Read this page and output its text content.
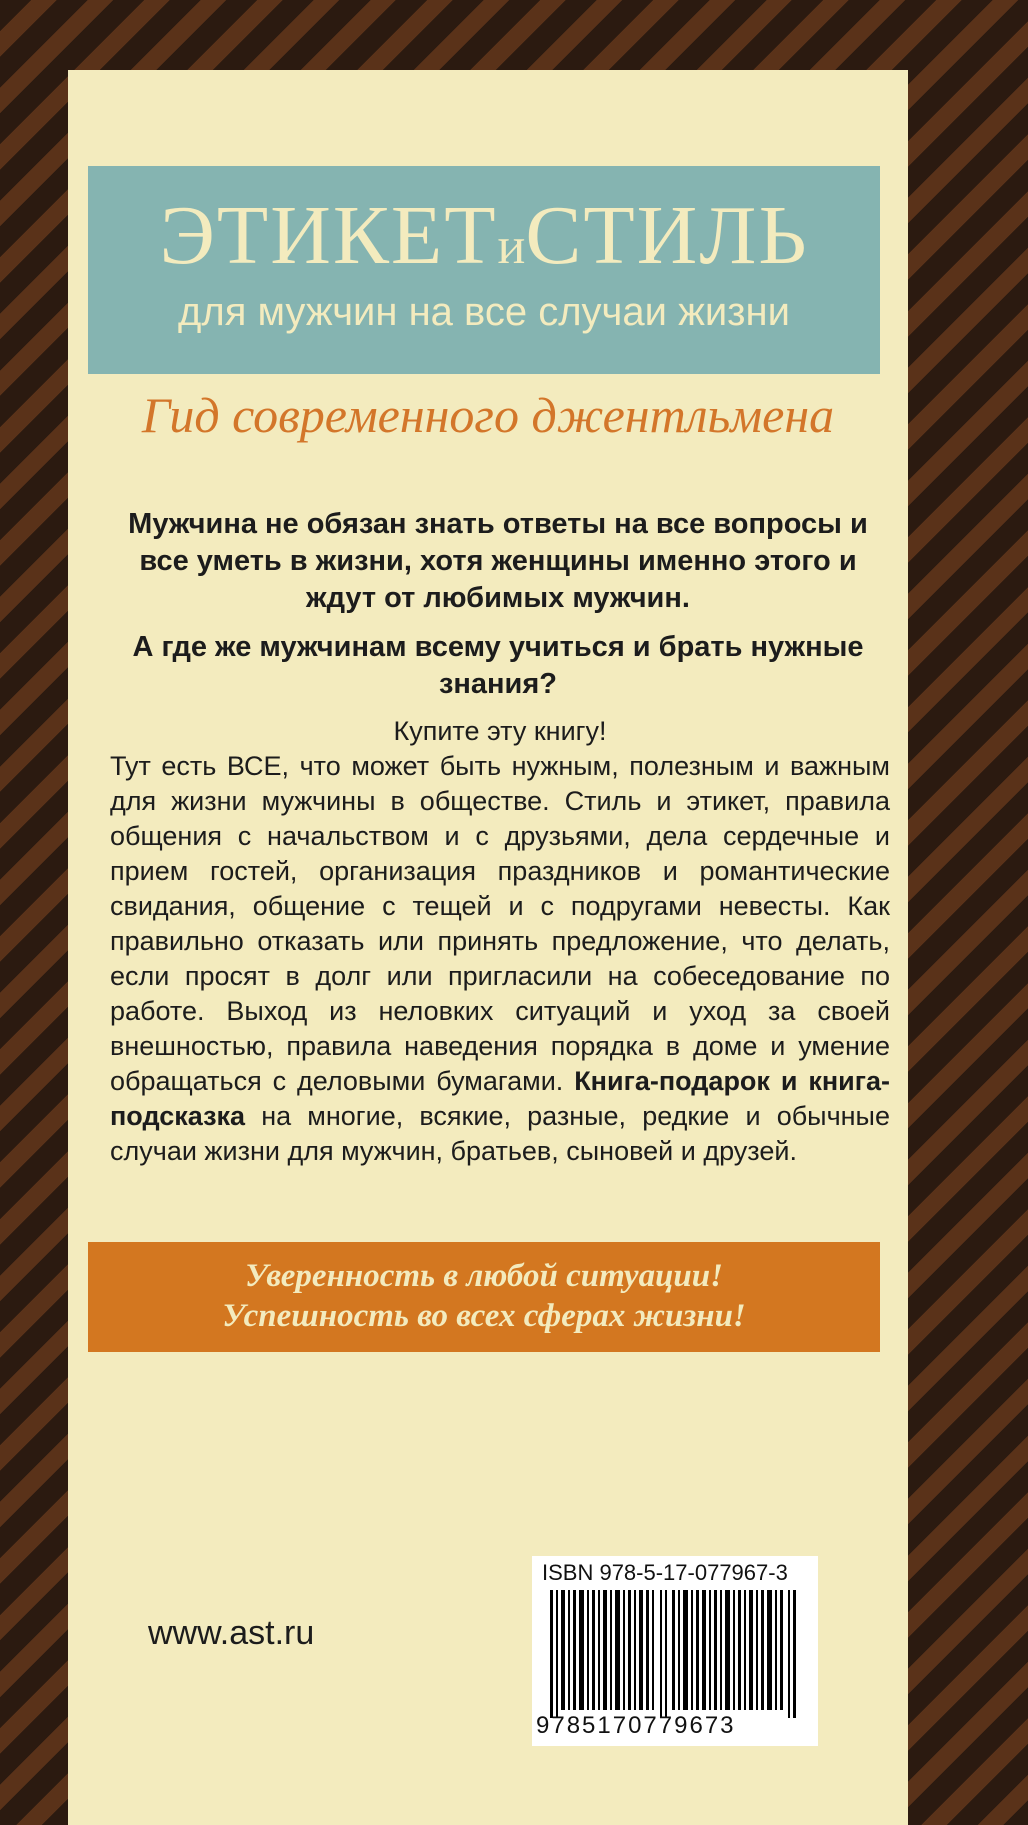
ЭТИКЕТиСТИЛЬ
для мужчин на все случаи жизни
Гид современного джентльмена

Мужчина не обязан знать ответы на все вопросы и все уметь в жизни, хотя женщины именно этого и ждут от любимых мужчин.

А где же мужчинам всему учиться и брать нужные знания?

Купите эту книгу!
Тут есть ВСЕ, что может быть нужным, полезным и важным для жизни мужчины в обществе. Стиль и этикет, правила общения с начальством и с друзьями, дела сердечные и прием гостей, организация праздников и романтические свидания, общение с тещей и с подругами невесты. Как правильно отказать или принять предложение, что делать, если просят в долг или пригласили на собеседование по работе. Выход из неловких ситуаций и уход за своей внешностью, правила наведения порядка в доме и умение обращаться с деловыми бумагами. Книга-подарок и книга-подсказка на многие, всякие, разные, редкие и обычные случаи жизни для мужчин, братьев, сыновей и друзей.
Уверенность в любой ситуации!
Успешность во всех сферах жизни!
www.ast.ru
ISBN 978-5-17-077967-3
9785170779673
